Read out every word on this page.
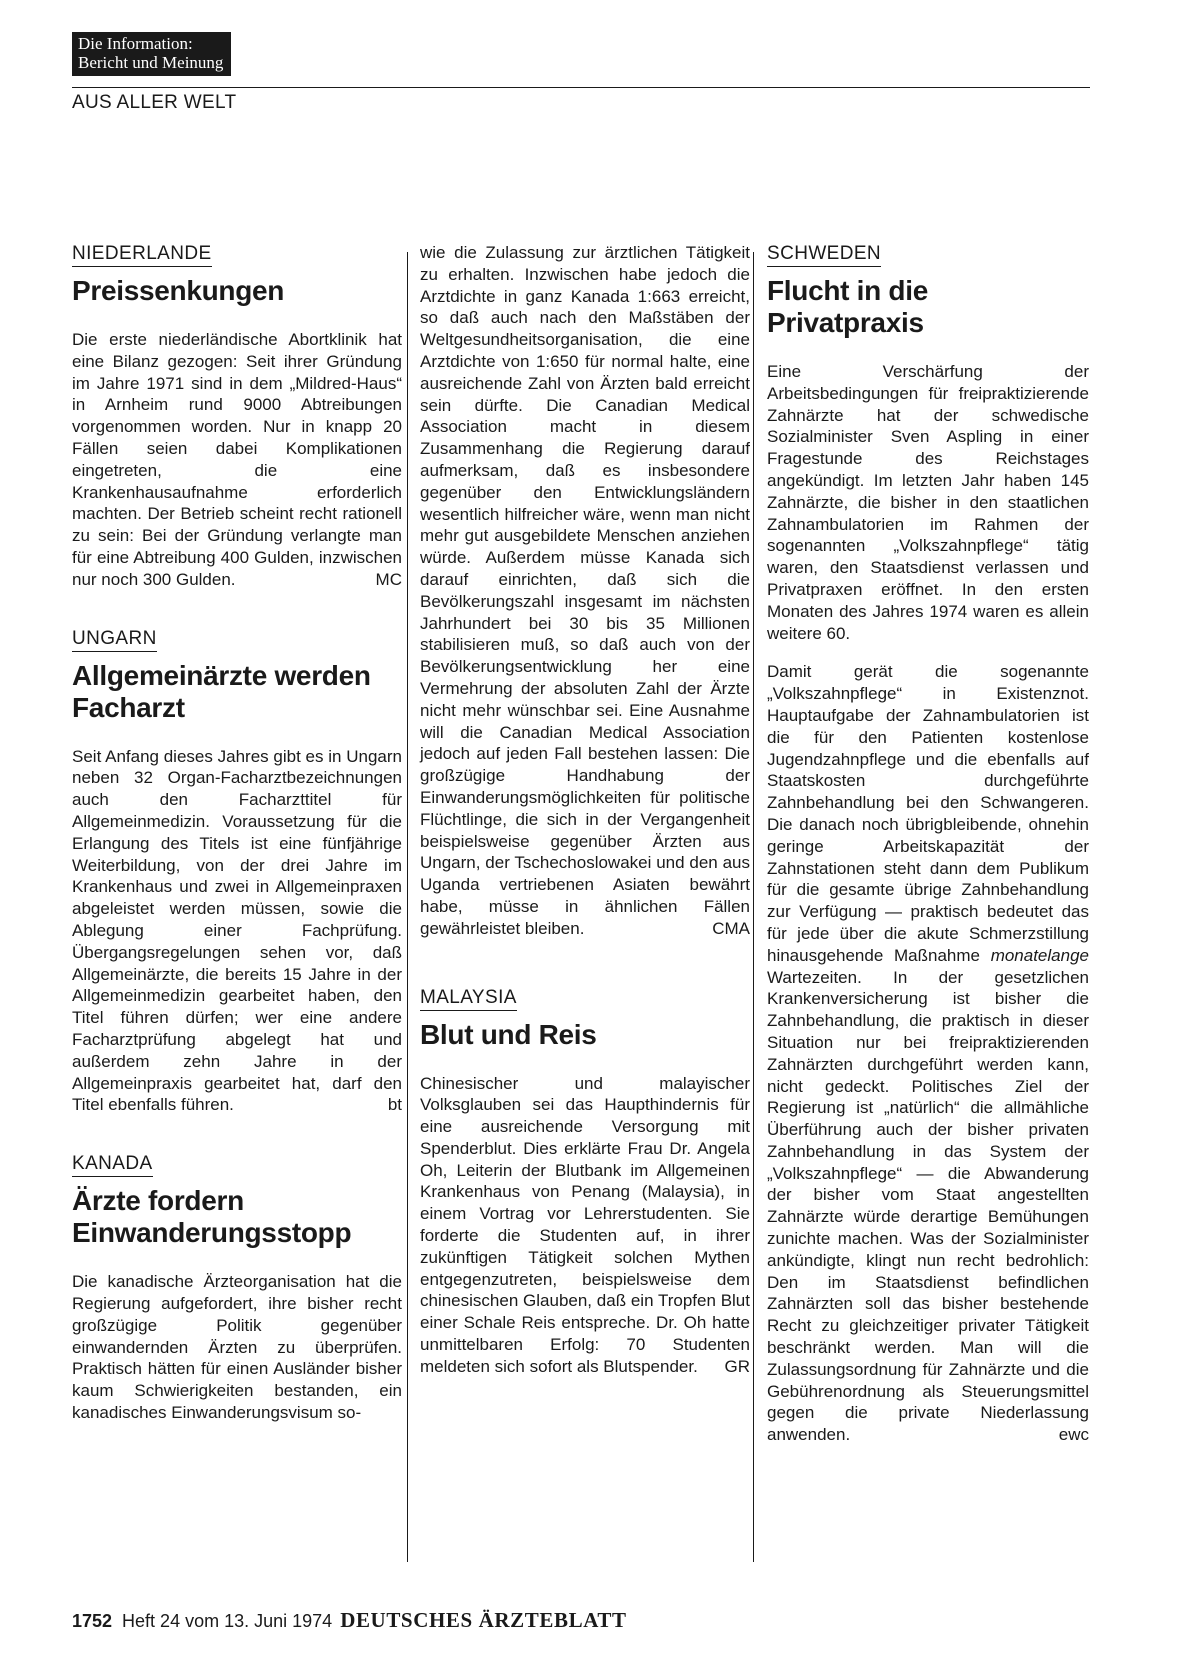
Die Information:
Bericht und Meinung
AUS ALLER WELT
NIEDERLANDE
Preissenkungen

Die erste niederländische Abortklinik hat eine Bilanz gezogen: Seit ihrer Gründung im Jahre 1971 sind in dem „Mildred-Haus“ in Arnheim rund 9000 Abtreibungen vorgenommen worden. Nur in knapp 20 Fällen seien dabei Komplikationen eingetreten, die eine Krankenhausaufnahme erforderlich machten. Der Betrieb scheint recht rationell zu sein: Bei der Gründung verlangte man für eine Abtreibung 400 Gulden, inzwischen nur noch 300 Gulden.	MC

UNGARN
Allgemeinärzte werden Facharzt

Seit Anfang dieses Jahres gibt es in Ungarn neben 32 Organ-Facharztbezeichnungen auch den Facharzttitel für Allgemeinmedizin. Voraussetzung für die Erlangung des Titels ist eine fünfjährige Weiterbildung, von der drei Jahre im Krankenhaus und zwei in Allgemeinpraxen abgeleistet werden müssen, sowie die Ablegung einer Fachprüfung. Übergangsregelungen sehen vor, daß Allgemeinärzte, die bereits 15 Jahre in der Allgemeinmedizin gearbeitet haben, den Titel führen dürfen; wer eine andere Facharztprüfung abgelegt hat und außerdem zehn Jahre in der Allgemeinpraxis gearbeitet hat, darf den Titel ebenfalls führen.	bt

KANADA
Ärzte fordern Einwanderungsstopp

Die kanadische Ärzteorganisation hat die Regierung aufgefordert, ihre bisher recht großzügige Politik gegenüber einwandernden Ärzten zu überprüfen. Praktisch hätten für einen Ausländer bisher kaum Schwierigkeiten bestanden, ein kanadisches Einwanderungsvisum so-

wie die Zulassung zur ärztlichen Tätigkeit zu erhalten. Inzwischen habe jedoch die Arztdichte in ganz Kanada 1:663 erreicht, so daß auch nach den Maßstäben der Weltgesundheitsorganisation, die eine Arztdichte von 1:650 für normal halte, eine ausreichende Zahl von Ärzten bald erreicht sein dürfte. Die Canadian Medical Association macht in diesem Zusammenhang die Regierung darauf aufmerksam, daß es insbesondere gegenüber den Entwicklungsländern wesentlich hilfreicher wäre, wenn man nicht mehr gut ausgebildete Menschen anziehen würde. Außerdem müsse Kanada sich darauf einrichten, daß sich die Bevölkerungszahl insgesamt im nächsten Jahrhundert bei 30 bis 35 Millionen stabilisieren muß, so daß auch von der Bevölkerungsentwicklung her eine Vermehrung der absoluten Zahl der Ärzte nicht mehr wünschbar sei. Eine Ausnahme will die Canadian Medical Association jedoch auf jeden Fall bestehen lassen: Die großzügige Handhabung der Einwanderungsmöglichkeiten für politische Flüchtlinge, die sich in der Vergangenheit beispielsweise gegenüber Ärzten aus Ungarn, der Tschechoslowakei und den aus Uganda vertriebenen Asiaten bewährt habe, müsse in ähnlichen Fällen gewährleistet bleiben.	CMA

MALAYSIA
Blut und Reis

Chinesischer und malayischer Volksglauben sei das Haupthindernis für eine ausreichende Versorgung mit Spenderblut. Dies erklärte Frau Dr. Angela Oh, Leiterin der Blutbank im Allgemeinen Krankenhaus von Penang (Malaysia), in einem Vortrag vor Lehrerstudenten. Sie forderte die Studenten auf, in ihrer zukünftigen Tätigkeit solchen Mythen entgegenzutreten, beispielsweise dem chinesischen Glauben, daß ein Tropfen Blut einer Schale Reis entspreche. Dr. Oh hatte unmittelbaren Erfolg: 70 Studenten meldeten sich sofort als Blutspender. GR

SCHWEDEN
Flucht in die Privatpraxis

Eine Verschärfung der Arbeitsbedingungen für freipraktizierende Zahnärzte hat der schwedische Sozialminister Sven Aspling in einer Fragestunde des Reichstages angekündigt. Im letzten Jahr haben 145 Zahnärzte, die bisher in den staatlichen Zahnambulatorien im Rahmen der sogenannten „Volkszahnpflege“ tätig waren, den Staatsdienst verlassen und Privatpraxen eröffnet. In den ersten Monaten des Jahres 1974 waren es allein weitere 60.

Damit gerät die sogenannte „Volkszahnpflege“ in Existenznot. Hauptaufgabe der Zahnambulatorien ist die für den Patienten kostenlose Jugendzahnpflege und die ebenfalls auf Staatskosten durchgeführte Zahnbehandlung bei den Schwangeren. Die danach noch übrigbleibende, ohnehin geringe Arbeitskapazität der Zahnstationen steht dann dem Publikum für die gesamte übrige Zahnbehandlung zur Verfügung — praktisch bedeutet das für jede über die akute Schmerzstillung hinausgehende Maßnahme monatelange Wartezeiten. In der gesetzlichen Krankenversicherung ist bisher die Zahnbehandlung, die praktisch in dieser Situation nur bei freipraktizierenden Zahnärzten durchgeführt werden kann, nicht gedeckt. Politisches Ziel der Regierung ist „natürlich“ die allmähliche Überführung auch der bisher privaten Zahnbehandlung in das System der „Volkszahnpflege“ — die Abwanderung der bisher vom Staat angestellten Zahnärzte würde derartige Bemühungen zunichte machen. Was der Sozialminister ankündigte, klingt nun recht bedrohlich: Den im Staatsdienst befindlichen Zahnärzten soll das bisher bestehende Recht zu gleichzeitiger privater Tätigkeit beschränkt werden. Man will die Zulassungsordnung für Zahnärzte und die Gebührenordnung als Steuerungsmittel gegen die private Niederlassung anwenden.	ewc

1752 Heft 24 vom 13. Juni 1974 DEUTSCHES ÄRZTEBLATT
